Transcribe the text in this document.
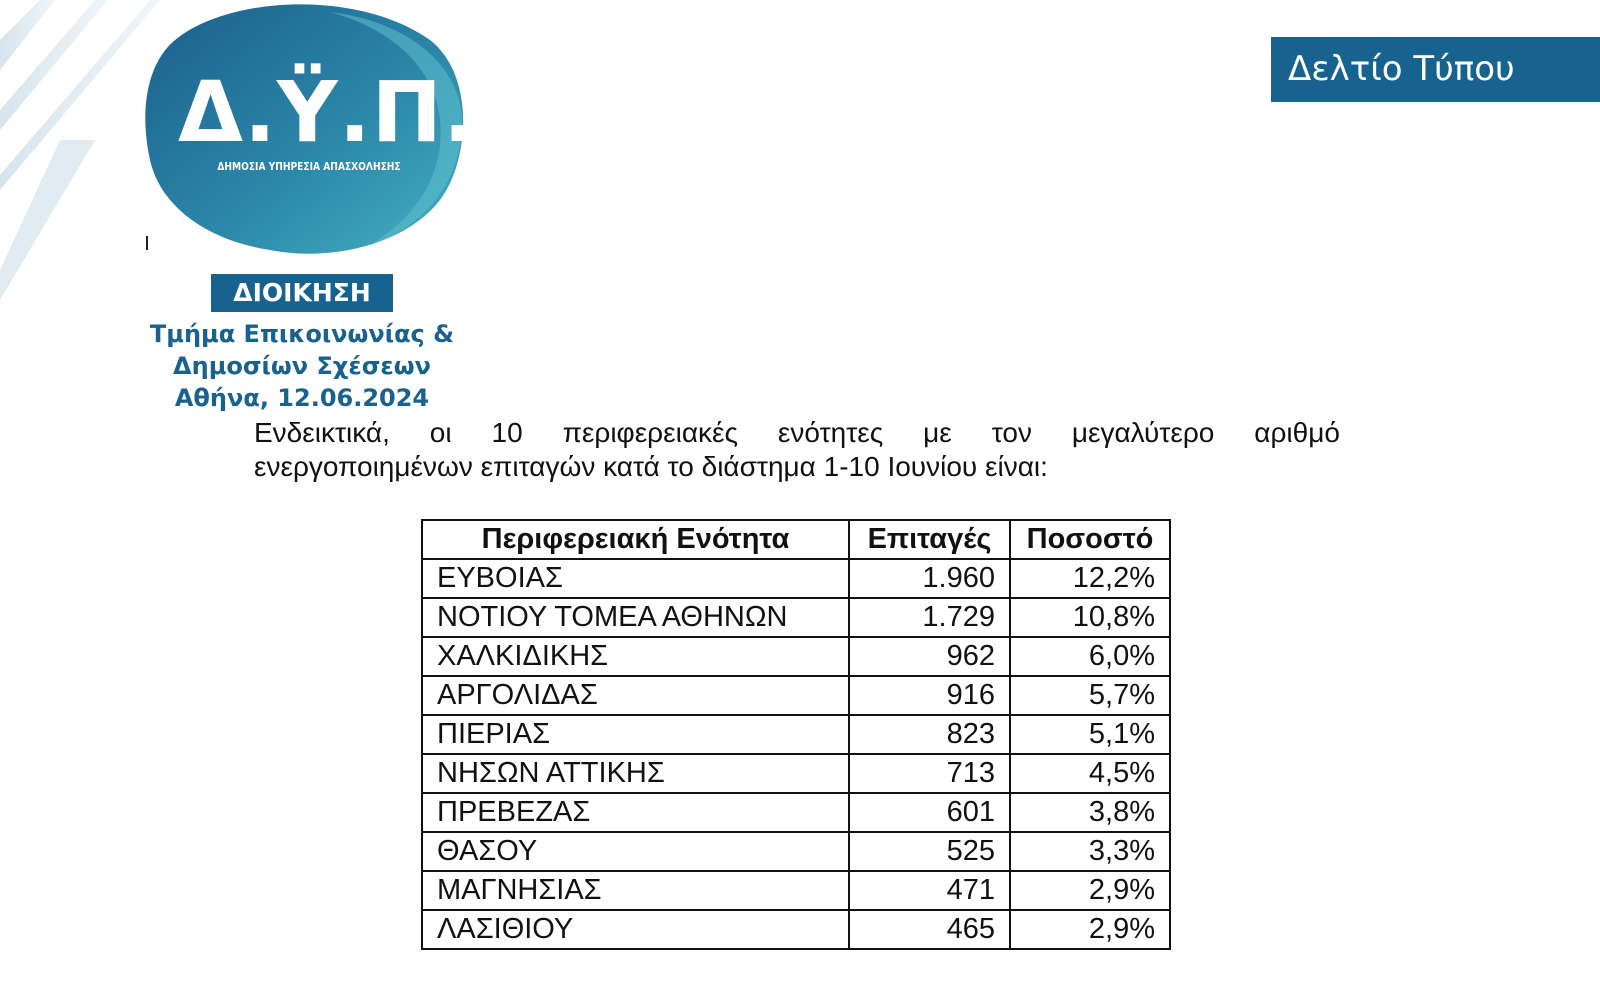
Δ.Ϋ.Π.Α
ΔΗΜΟΣΙΑ ΥΠΗΡΕΣΙΑ ΑΠΑΣΧΟΛΗΣΗΣ
Δελτίο Τύπου
ΔΙΟΙΚΗΣΗ
Τμήμα Επικοινωνίας &
Δημοσίων Σχέσεων
Αθήνα, 12.06.2024
Ενδεικτικά, οι 10 περιφερειακές ενότητες με τον μεγαλύτερο αριθμό
ενεργοποιημένων επιταγών κατά το διάστημα 1-10 Ιουνίου είναι:
Περιφερειακή Ενότητα	Επιταγές	Ποσοστό
ΕΥΒΟΙΑΣ	1.960	12,2%
ΝΟΤΙΟΥ ΤΟΜΕΑ ΑΘΗΝΩΝ	1.729	10,8%
ΧΑΛΚΙΔΙΚΗΣ	962	6,0%
ΑΡΓΟΛΙΔΑΣ	916	5,7%
ΠΙΕΡΙΑΣ	823	5,1%
ΝΗΣΩΝ ΑΤΤΙΚΗΣ	713	4,5%
ΠΡΕΒΕΖΑΣ	601	3,8%
ΘΑΣΟΥ	525	3,3%
ΜΑΓΝΗΣΙΑΣ	471	2,9%
ΛΑΣΙΘΙΟΥ	465	2,9%
